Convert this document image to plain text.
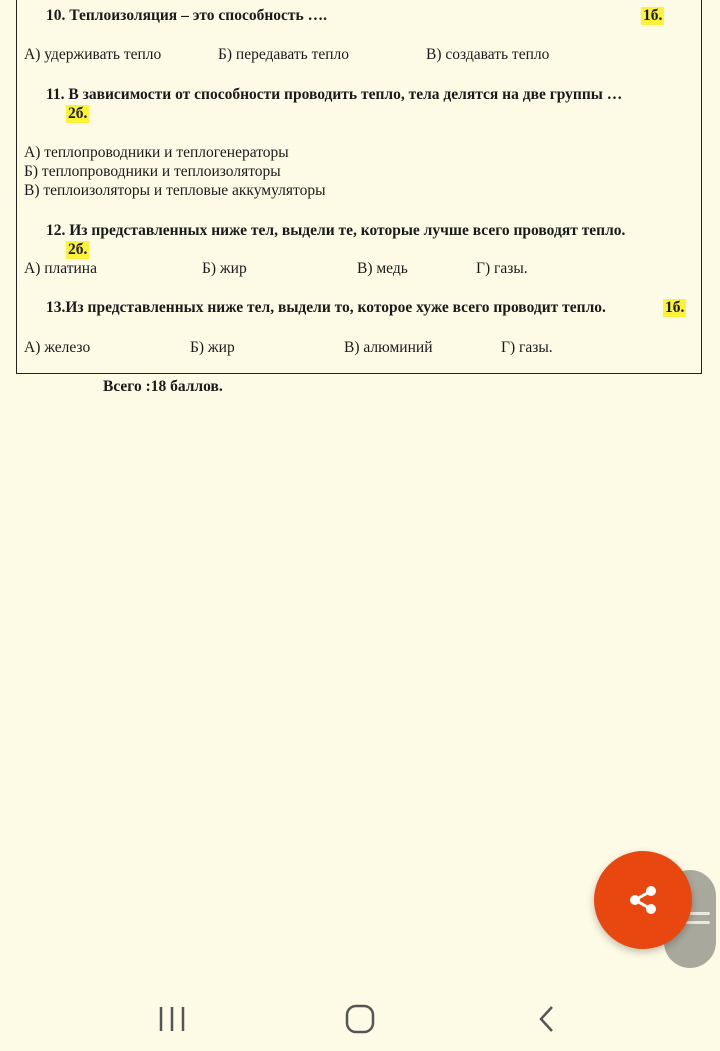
10. Теплоизоляция – это способность ….	1б.
А) удерживать тепло	Б) передавать тепло	В) создавать тепло
11. В зависимости от способности проводить тепло, тела делятся на две группы …
2б.
А) теплопроводники и теплогенераторы
Б) теплопроводники и теплоизоляторы
В) теплоизоляторы и тепловые аккумуляторы
12. Из представленных ниже тел, выдели те, которые лучше всего проводят тепло.
2б.
А) платина	Б) жир	В) медь	Г) газы.
13.Из представленных ниже тел, выдели то, которое хуже всего проводит тепло.	1б.
А) железо	Б) жир	В) алюминий	Г) газы.
Всего :18 баллов.
